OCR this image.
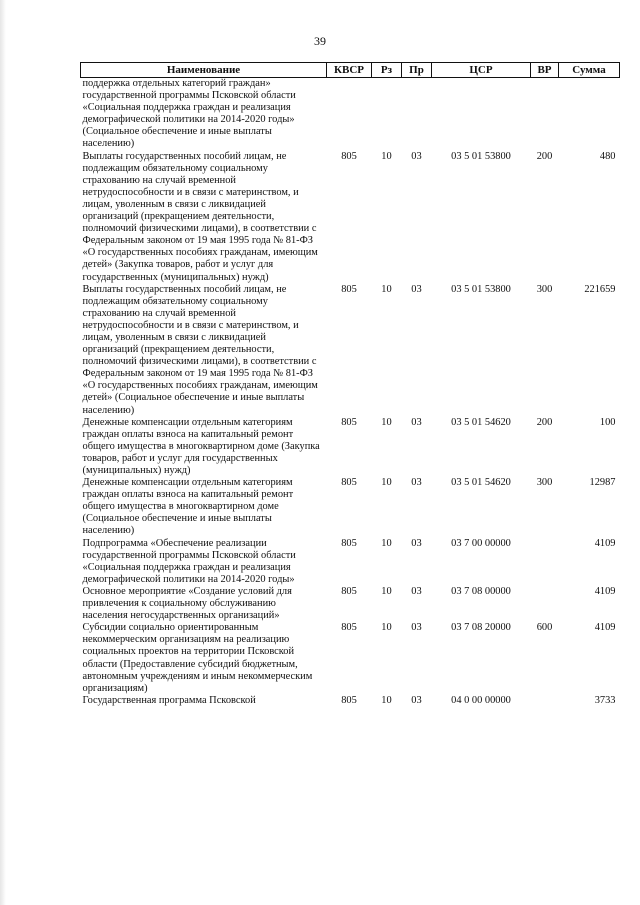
39
Наименование	КВСР	Рз	Пр	ЦСР	ВР	Сумма
поддержка отдельных категорий граждан» государственной программы Псковской области «Социальная поддержка граждан и реализация демографической политики на 2014-2020 годы» (Социальное обеспечение и иные выплаты населению)						
Выплаты государственных пособий лицам, не подлежащим обязательному социальному страхованию на случай временной нетрудоспособности и в связи с материнством, и лицам, уволенным в связи с ликвидацией организаций (прекращением деятельности, полномочий физическими лицами), в соответствии с Федеральным законом от 19 мая 1995 года № 81-ФЗ «О государственных пособиях гражданам, имеющим детей» (Закупка товаров, работ и услуг для государственных (муниципальных) нужд)	805	10	03	03 5 01 53800	200	480
Выплаты государственных пособий лицам, не подлежащим обязательному социальному страхованию на случай временной нетрудоспособности и в связи с материнством, и лицам, уволенным в связи с ликвидацией организаций (прекращением деятельности, полномочий физическими лицами), в соответствии с Федеральным законом от 19 мая 1995 года № 81-ФЗ «О государственных пособиях гражданам, имеющим детей» (Социальное обеспечение и иные выплаты населению)	805	10	03	03 5 01 53800	300	221659
Денежные компенсации отдельным категориям граждан оплаты взноса на капитальный ремонт общего имущества в многоквартирном доме (Закупка товаров, работ и услуг для государственных (муниципальных) нужд)	805	10	03	03 5 01 54620	200	100
Денежные компенсации отдельным категориям граждан оплаты взноса на капитальный ремонт общего имущества в многоквартирном доме (Социальное обеспечение и иные выплаты населению)	805	10	03	03 5 01 54620	300	12987
Подпрограмма «Обеспечение реализации государственной программы Псковской области «Социальная поддержка граждан и реализация демографической политики на 2014-2020 годы»	805	10	03	03 7 00 00000		4109
Основное мероприятие «Создание условий для привлечения к социальному обслуживанию населения негосударственных организаций»	805	10	03	03 7 08 00000		4109
Субсидии социально ориентированным некоммерческим организациям на реализацию социальных проектов на территории Псковской области (Предоставление субсидий бюджетным, автономным учреждениям и иным некоммерческим организациям)	805	10	03	03 7 08 20000	600	4109
Государственная программа Псковской	805	10	03	04 0 00 00000		3733
